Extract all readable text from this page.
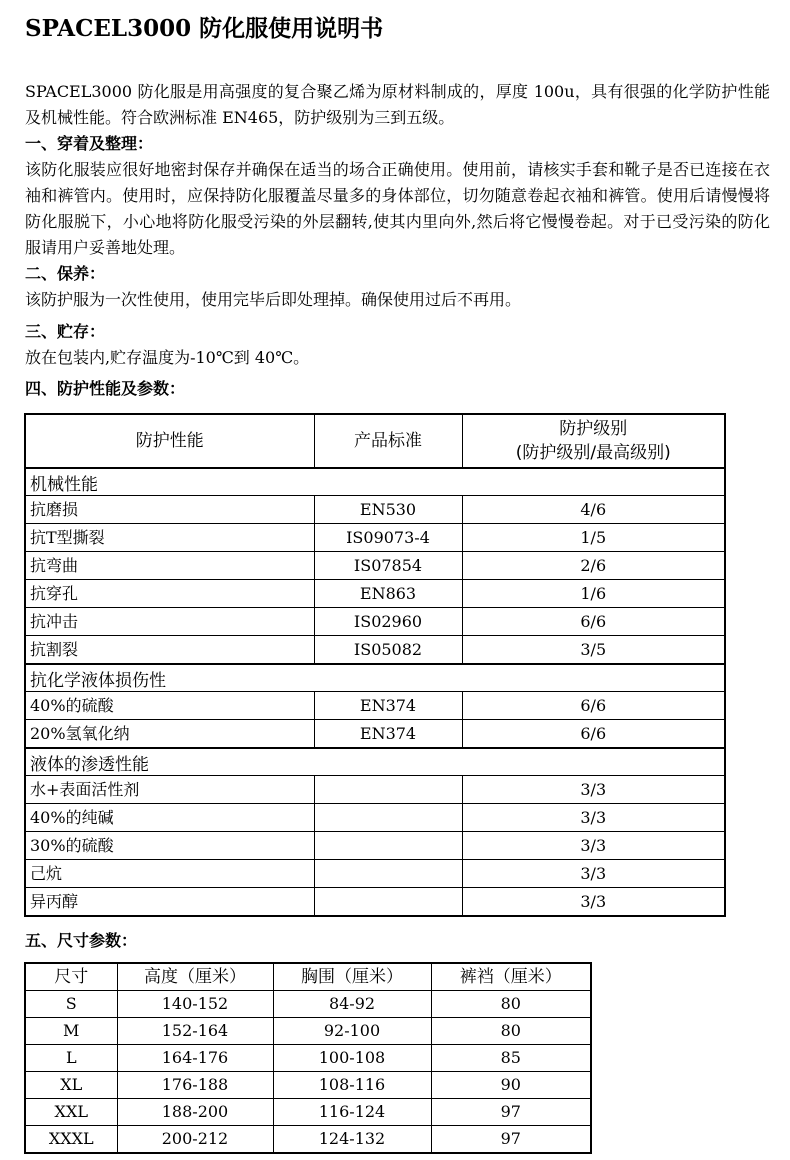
SPACEL3000 防化服使用说明书
SPACEL3000 防化服是用高强度的复合聚乙烯为原材料制成的，厚度 100u，具有很强的化学防护性能及机械性能。符合欧洲标准 EN465，防护级别为三到五级。
一、穿着及整理：
该防化服装应很好地密封保存并确保在适当的场合正确使用。使用前，请核实手套和靴子是否已连接在衣袖和裤管内。使用时，应保持防化服覆盖尽量多的身体部位，切勿随意卷起衣袖和裤管。使用后请慢慢将防化服脱下，小心地将防化服受污染的外层翻转,使其内里向外,然后将它慢慢卷起。对于已受污染的防化服请用户妥善地处理。
二、保养：
该防护服为一次性使用，使用完毕后即处理掉。确保使用过后不再用。
三、贮存：
放在包装内,贮存温度为-10℃到 40℃。
四、防护性能及参数：
防护性能	产品标准	防护级别
(防护级别/最高级别)

机械性能		
抗磨损	EN530	4/6
抗T型撕裂	IS09073-4	1/5
抗弯曲	IS07854	2/6
抗穿孔	EN863	1/6
抗冲击	IS02960	6/6
抗割裂	IS05082	3/5
抗化学液体损伤性		
40%的硫酸	EN374	6/6
20%氢氧化纳	EN374	6/6
液体的渗透性能		
水+表面活性剂		3/3
40%的纯碱		3/3
30%的硫酸		3/3
己炕		3/3
异丙醇		3/3
五、尺寸参数：
尺寸	高度（厘米）	胸围（厘米）	裤裆（厘米）
S	140-152	84-92	80
M	152-164	92-100	80
L	164-176	100-108	85
XL	176-188	108-116	90
XXL	188-200	116-124	97
XXXL	200-212	124-132	97
